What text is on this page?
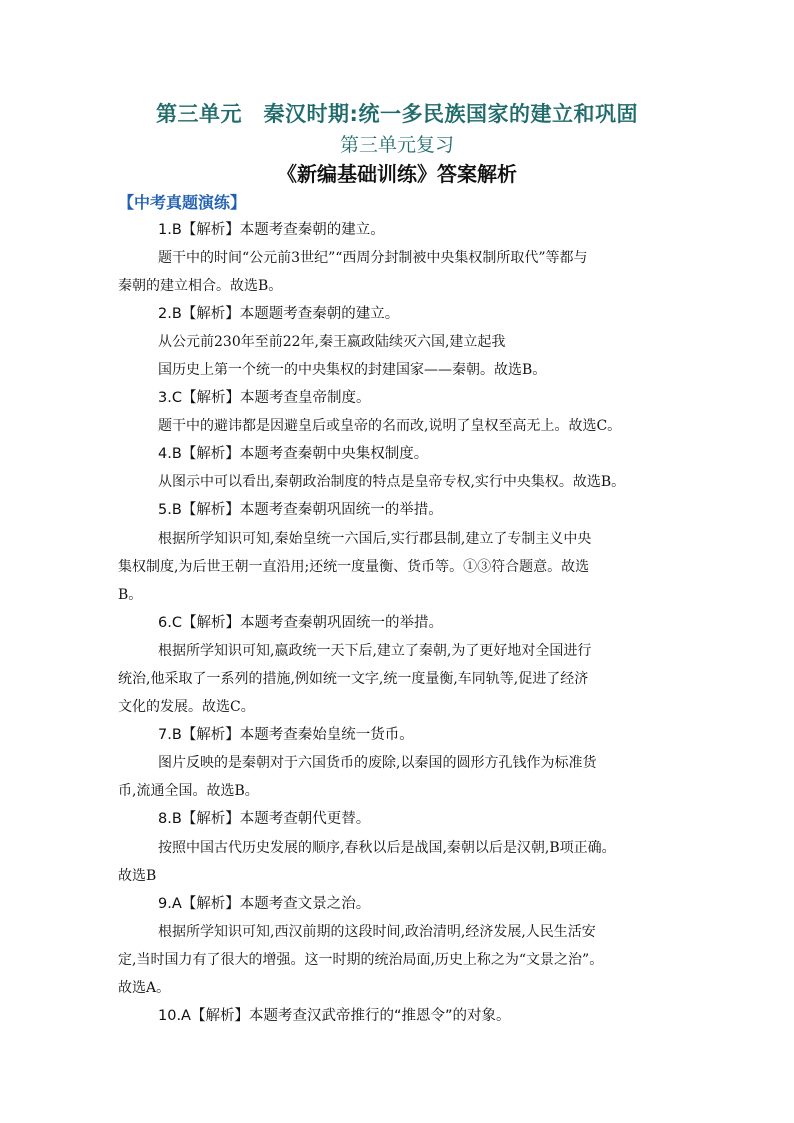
第三单元　秦汉时期:统一多民族国家的建立和巩固
第三单元复习
《新编基础训练》答案解析
【中考真题演练】
1.B【解析】本题考查秦朝的建立。
题干中的时间“公元前3世纪”“西周分封制被中央集权制所取代”等都与
秦朝的建立相合。故选B。
2.B【解析】本题题考查秦朝的建立。
从公元前230年至前22年,秦王嬴政陆续灭六国,建立起我
国历史上第一个统一的中央集权的封建国家——秦朝。故选B。
3.C【解析】本题考查皇帝制度。
题干中的避讳都是因避皇后或皇帝的名而改,说明了皇权至高无上。故选C。
4.B【解析】本题考查秦朝中央集权制度。
从图示中可以看出,秦朝政治制度的特点是皇帝专权,实行中央集权。故选B。
5.B【解析】本题考查秦朝巩固统一的举措。
根据所学知识可知,秦始皇统一六国后,实行郡县制,建立了专制主义中央
集权制度,为后世王朝一直沿用;还统一度量衡、货币等。①③符合题意。故选
B。
6.C【解析】本题考查秦朝巩固统一的举措。
根据所学知识可知,嬴政统一天下后,建立了秦朝,为了更好地对全国进行
统治,他采取了一系列的措施,例如统一文字,统一度量衡,车同轨等,促进了经济
文化的发展。故选C。
7.B【解析】本题考查秦始皇统一货币。
图片反映的是秦朝对于六国货币的废除,以秦国的圆形方孔钱作为标准货
币,流通全国。故选B。
8.B【解析】本题考查朝代更替。
按照中国古代历史发展的顺序,春秋以后是战国,秦朝以后是汉朝,B项正确。
故选B
9.A【解析】本题考查文景之治。
根据所学知识可知,西汉前期的这段时间,政治清明,经济发展,人民生活安
定,当时国力有了很大的增强。这一时期的统治局面,历史上称之为“文景之治”。
故选A。
10.A【解析】本题考查汉武帝推行的“推恩令”的对象。
